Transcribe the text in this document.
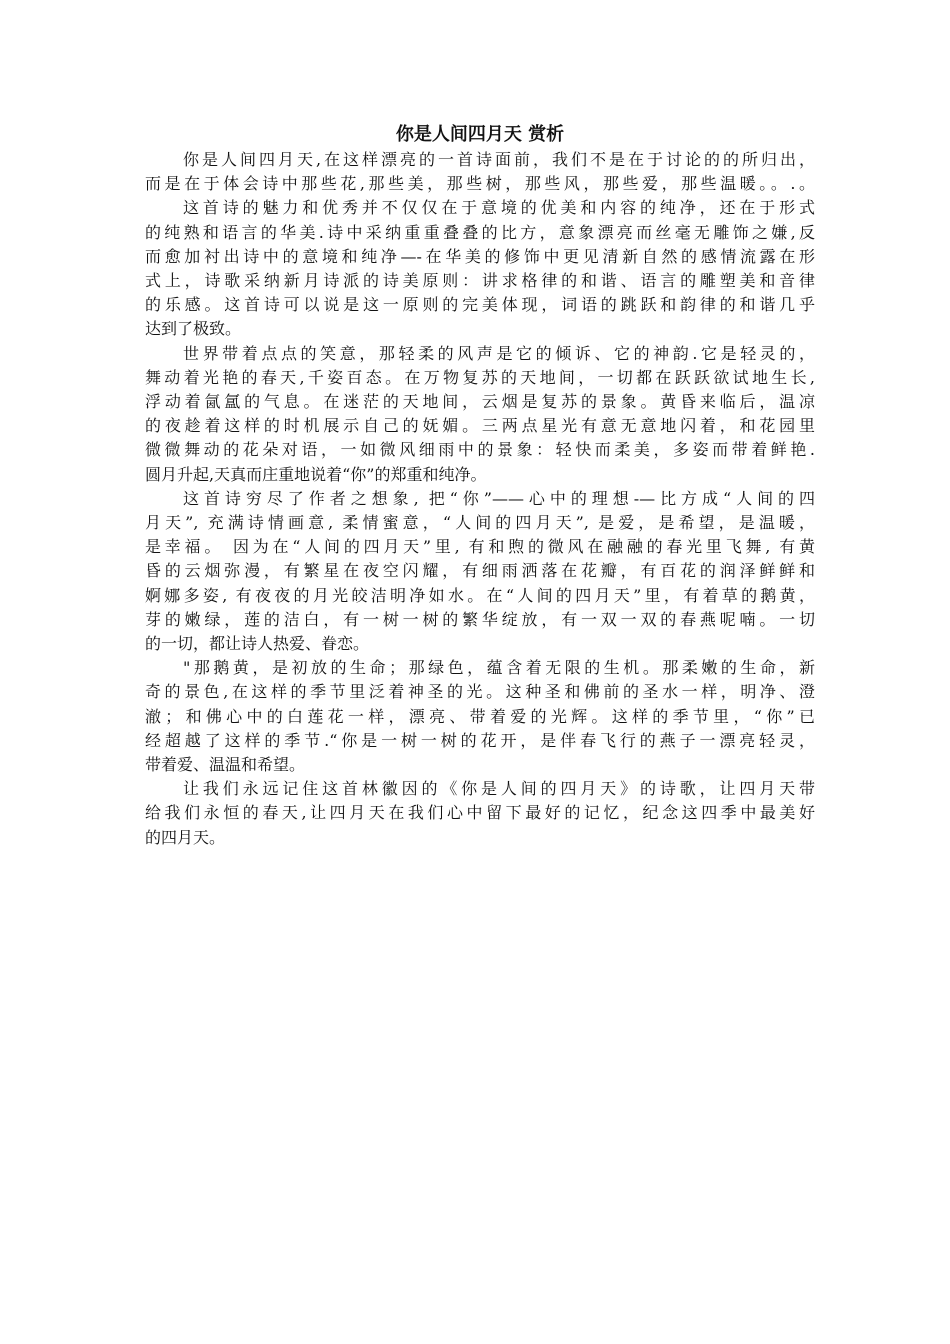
你是人间四月天 赏析
你是人间四月天,在这样漂亮的一首诗面前，我们不是在于讨论的的所归出，
而是在于体会诗中那些花,那些美，那些树，那些风，那些爱，那些温暖。。.。
这首诗的魅力和优秀并不仅仅在于意境的优美和内容的纯净，还在于形式
的纯熟和语言的华美.诗中采纳重重叠叠的比方，意象漂亮而丝毫无雕饰之嫌,反
而愈加衬出诗中的意境和纯净—-在华美的修饰中更见清新自然的感情流露在形
式上，诗歌采纳新月诗派的诗美原则：讲求格律的和谐、语言的雕塑美和音律
的乐感。这首诗可以说是这一原则的完美体现，词语的跳跃和韵律的和谐几乎
达到了极致。
世界带着点点的笑意，那轻柔的风声是它的倾诉、它的神韵.它是轻灵的，
舞动着光艳的春天,千姿百态。在万物复苏的天地间，一切都在跃跃欲试地生长,
浮动着氤氲的气息。在迷茫的天地间，云烟是复苏的景象。黄昏来临后，温凉
的夜趁着这样的时机展示自己的妩媚。三两点星光有意无意地闪着，和花园里
微微舞动的花朵对语，一如微风细雨中的景象：轻快而柔美，多姿而带着鲜艳.
圆月升起,天真而庄重地说着“你”的郑重和纯净。
这首诗穷尽了作者之想象, 把“你”——心中的理想-—比方成“人间的四
月天”, 充满诗情画意, 柔情蜜意，“人间的四月天”, 是爱，是希望，是温暖，
是幸福。 因为在“人间的四月天”里, 有和煦的微风在融融的春光里飞舞, 有黄
昏的云烟弥漫，有繁星在夜空闪耀，有细雨洒落在花瓣，有百花的润泽鲜鲜和
婀娜多姿, 有夜夜的月光皎洁明净如水。在“人间的四月天”里，有着草的鹅黄，
芽的嫩绿，莲的洁白，有一树一树的繁华绽放，有一双一双的春燕呢喃。一切
的一切，都让诗人热爱、眷恋。
"那鹅黄，是初放的生命；那绿色，蕴含着无限的生机。那柔嫩的生命，新
奇的景色,在这样的季节里泛着神圣的光。这种圣和佛前的圣水一样，明净、澄
澈；和佛心中的白莲花一样，漂亮、带着爱的光辉。这样的季节里，“你”已
经超越了这样的季节.“你是一树一树的花开，是伴春飞行的燕子一漂亮轻灵，
带着爱、温温和希望。
让我们永远记住这首林徽因的《你是人间的四月天》的诗歌，让四月天带
给我们永恒的春天,让四月天在我们心中留下最好的记忆，纪念这四季中最美好
的四月天。
